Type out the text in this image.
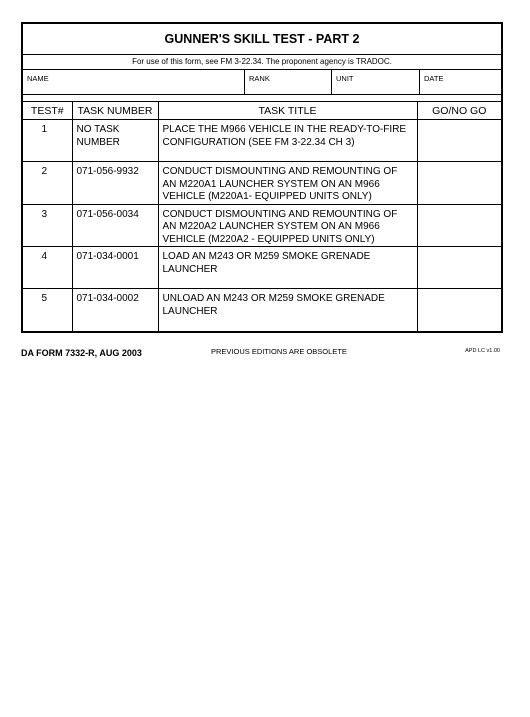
GUNNER'S SKILL TEST - PART 2
For use of this form, see FM 3-22.34. The proponent agency is TRADOC.
NAME	RANK	UNIT	DATE
TEST#	TASK NUMBER	TASK TITLE	GO/NO GO
1	NO TASK NUMBER	PLACE THE M966 VEHICLE IN THE READY-TO-FIRE CONFIGURATION (SEE FM 3-22.34 CH 3)	
2	071-056-9932	CONDUCT DISMOUNTING AND REMOUNTING OF AN M220A1 LAUNCHER SYSTEM ON AN M966 VEHICLE (M220A1- EQUIPPED UNITS ONLY)	
3	071-056-0034	CONDUCT DISMOUNTING AND REMOUNTING OF AN M220A2 LAUNCHER SYSTEM ON AN M966 VEHICLE (M220A2 - EQUIPPED UNITS ONLY)	
4	071-034-0001	LOAD AN M243 OR M259 SMOKE GRENADE LAUNCHER	
5	071-034-0002	UNLOAD AN M243 OR M259 SMOKE GRENADE LAUNCHER	
DA FORM 7332-R, AUG 2003	PREVIOUS EDITIONS ARE OBSOLETE	APD LC v1.00
